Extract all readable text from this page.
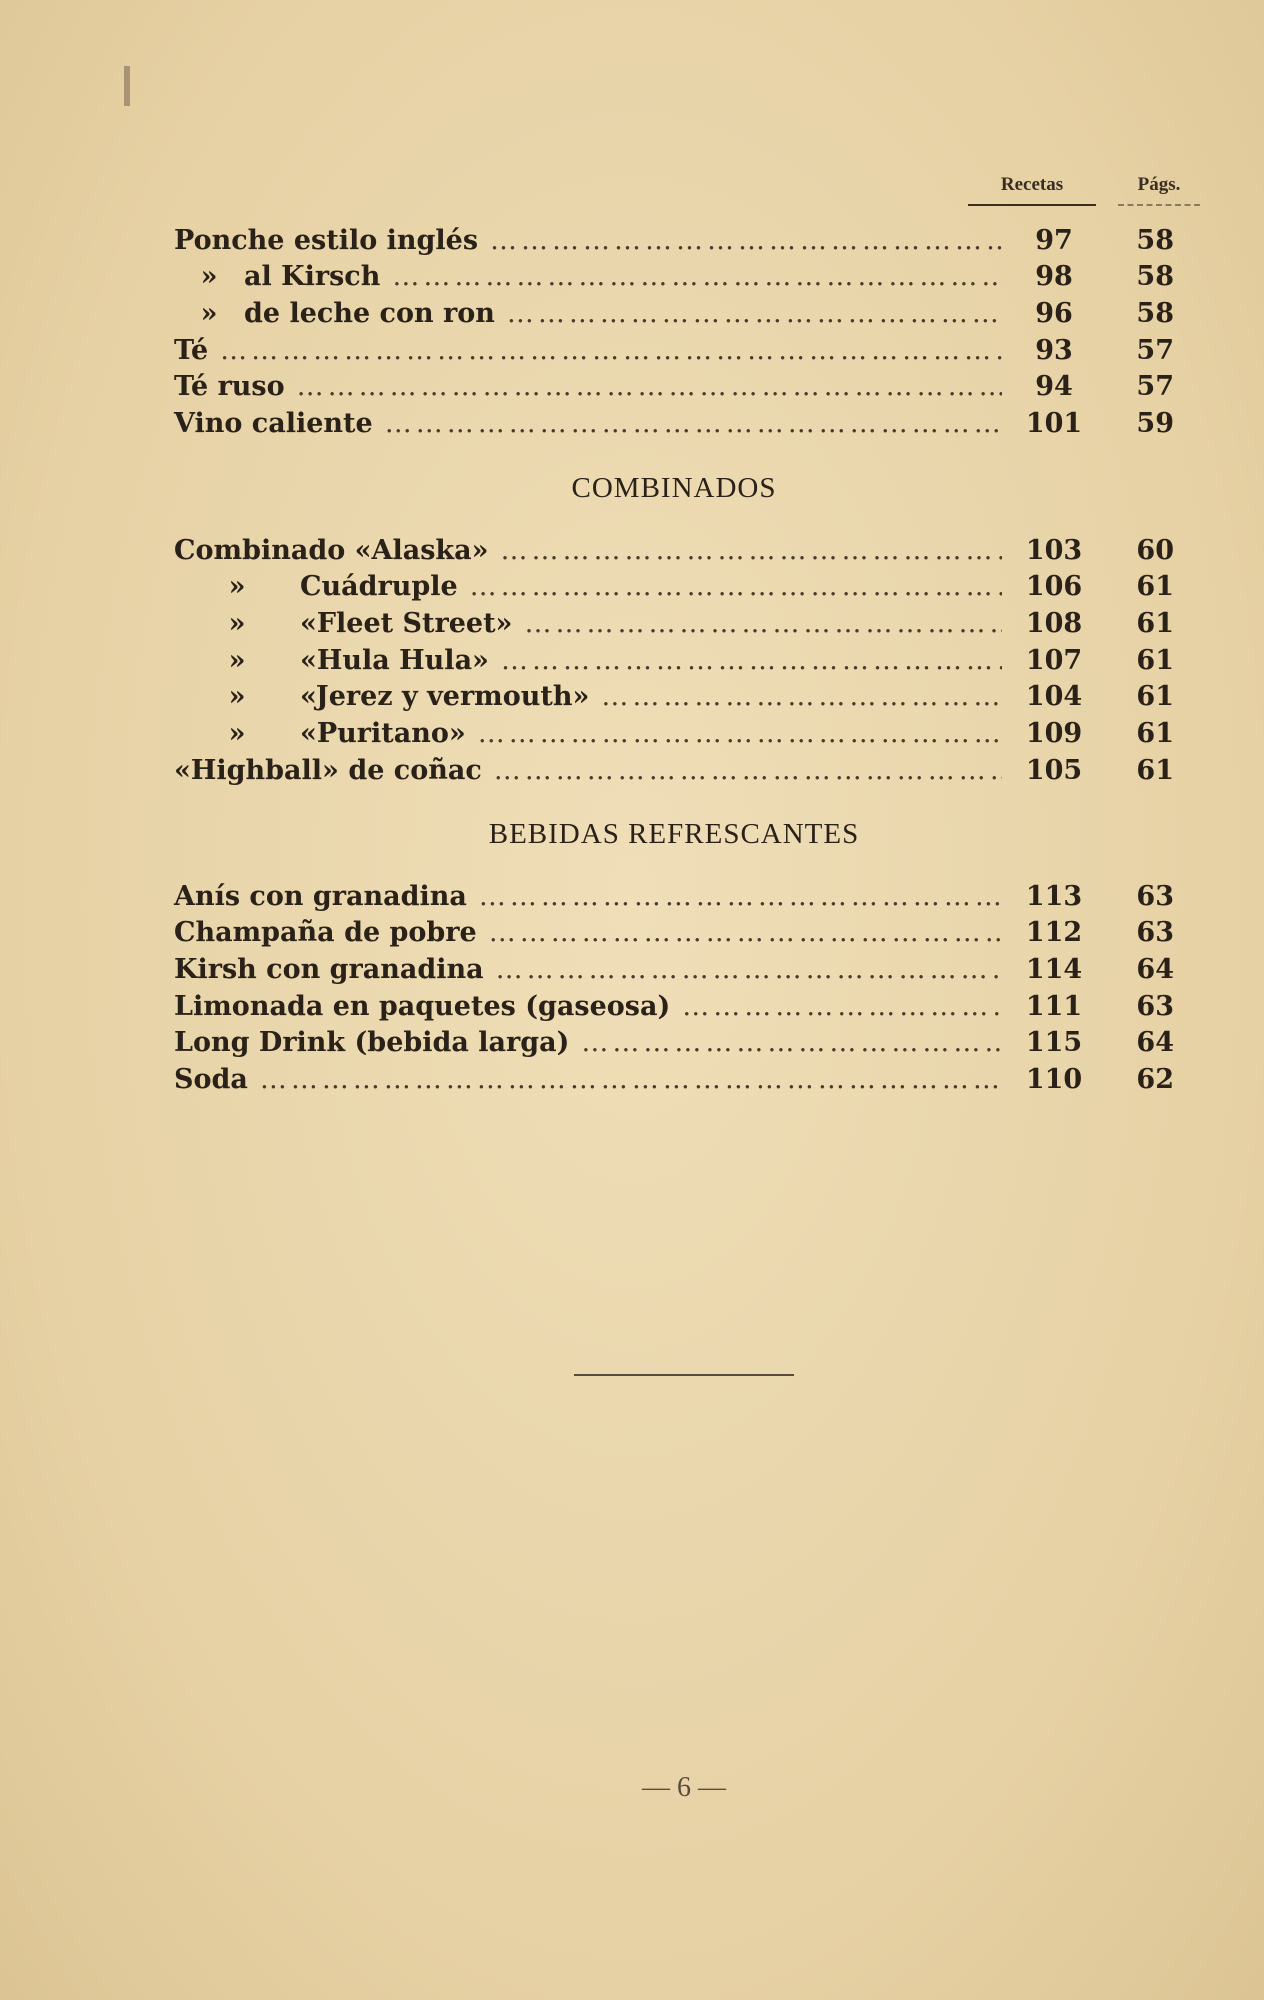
Recetas	Págs.
Ponche estilo inglés ……………………………………………………………………………………………………………………	97	58
» al Kirsch ……………………………………………………………………………………………………………………	98	58
» de leche con ron ……………………………………………………………………………………………………………………	96	58
Té ……………………………………………………………………………………………………………………	93	57
Té ruso ……………………………………………………………………………………………………………………	94	57
Vino caliente ……………………………………………………………………………………………………………………	101	59
COMBINADOS
Combinado «Alaska» ……………………………………………………………………………………………………………………	103	60
»	Cuádruple ……………………………………………………………………………………………………………………	106	61
»	«Fleet Street» ……………………………………………………………………………………………………………………	108	61
»	«Hula Hula» ……………………………………………………………………………………………………………………	107	61
»	«Jerez y vermouth» ……………………………………………………………………………………………………………………	104	61
»	«Puritano» ……………………………………………………………………………………………………………………	109	61
«Highball» de coñac ……………………………………………………………………………………………………………………	105	61
BEBIDAS REFRESCANTES
Anís con granadina ……………………………………………………………………………………………………………………	113	63
Champaña de pobre ……………………………………………………………………………………………………………………	112	63
Kirsh con granadina ……………………………………………………………………………………………………………………	114	64
Limonada en paquetes (gaseosa) ……………………………………………………………………………………………………………………	111	63
Long Drink (bebida larga) ……………………………………………………………………………………………………………………	115	64
Soda ……………………………………………………………………………………………………………………	110	62
— 6 —
